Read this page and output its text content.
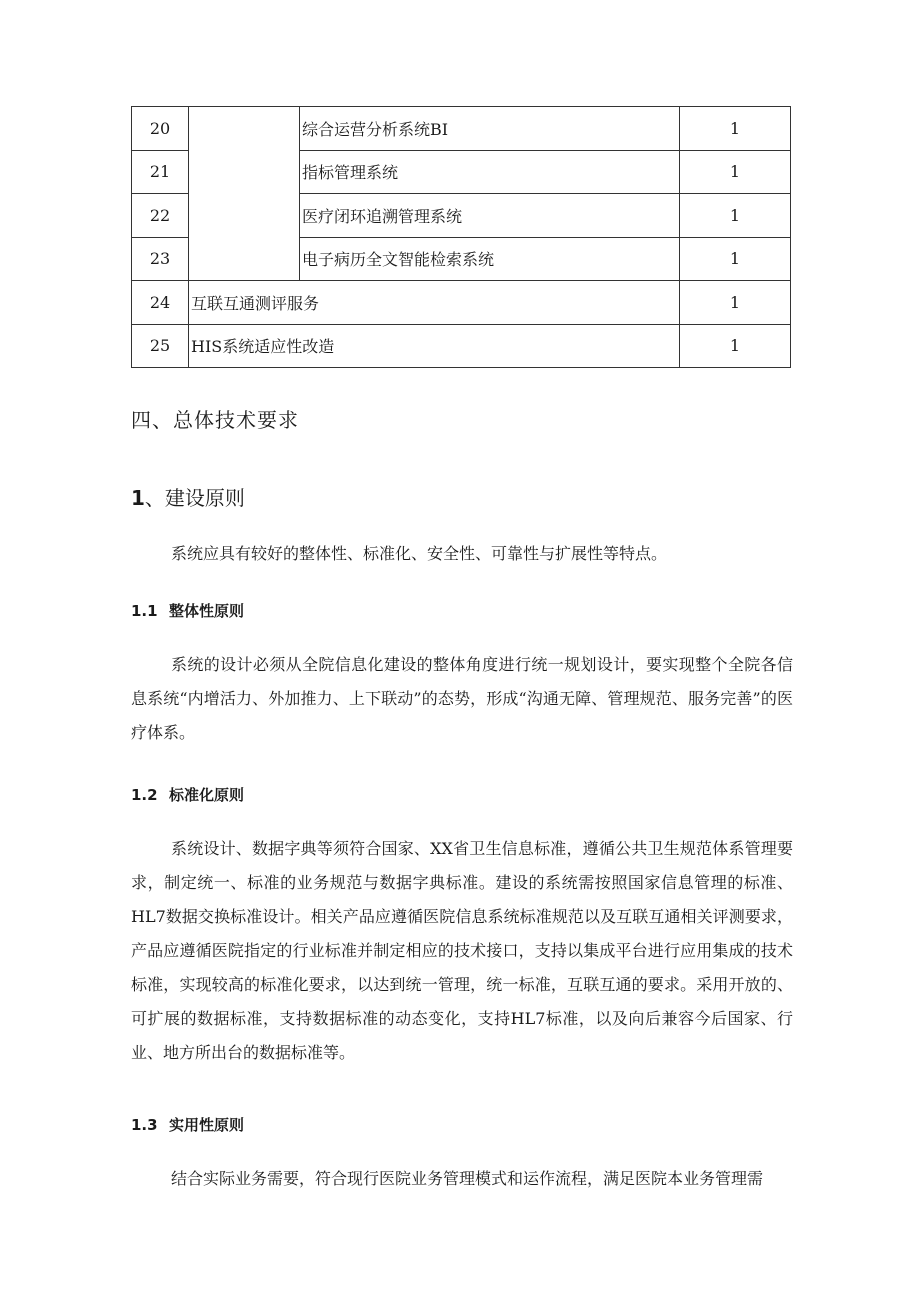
20		综合运营分析系统BI	1
21		指标管理系统	1
22		医疗闭环追溯管理系统	1
23		电子病历全文智能检索系统	1
24	互联互通测评服务		1
25	HIS系统适应性改造		1
四、总体技术要求
1、建设原则
系统应具有较好的整体性、标准化、安全性、可靠性与扩展性等特点。
1.1 整体性原则
系统的设计必须从全院信息化建设的整体角度进行统一规划设计，要实现整个全院各信息系统“内增活力、外加推力、上下联动”的态势，形成“沟通无障、管理规范、服务完善”的医疗体系。
1.2 标准化原则
系统设计、数据字典等须符合国家、XX省卫生信息标准，遵循公共卫生规范体系管理要求，制定统一、标准的业务规范与数据字典标准。建设的系统需按照国家信息管理的标准、HL7数据交换标准设计。相关产品应遵循医院信息系统标准规范以及互联互通相关评测要求，产品应遵循医院指定的行业标准并制定相应的技术接口，支持以集成平台进行应用集成的技术标准，实现较高的标准化要求，以达到统一管理，统一标准，互联互通的要求。采用开放的、可扩展的数据标准，支持数据标准的动态变化，支持HL7标准，以及向后兼容今后国家、行业、地方所出台的数据标准等。
1.3 实用性原则
结合实际业务需要，符合现行医院业务管理模式和运作流程，满足医院本业务管理需
